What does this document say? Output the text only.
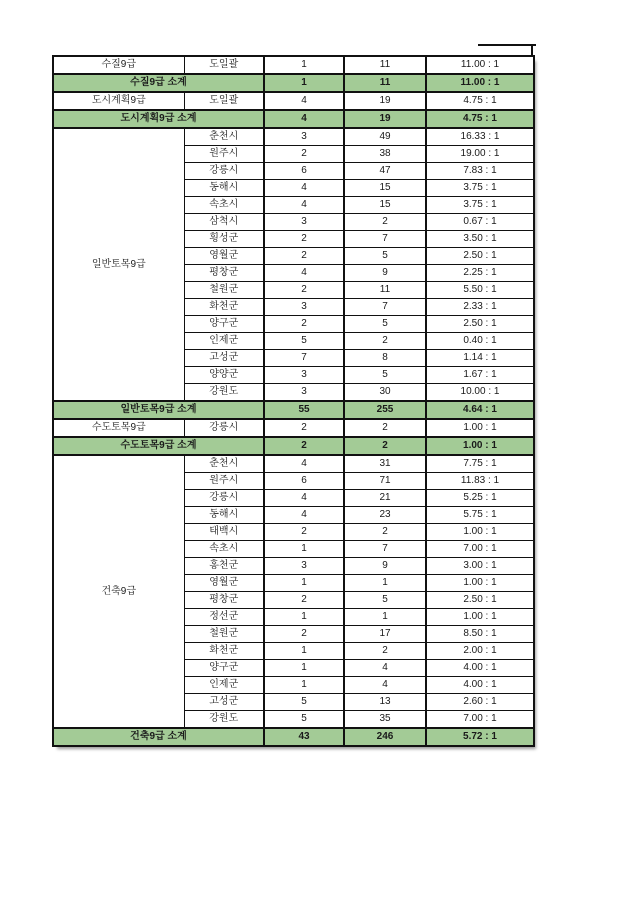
수질9급	도일괄	1	11	11.00 : 1
수질9급 소계		1	11	11.00 : 1
도시계획9급	도일괄	4	19	4.75 : 1
도시계획9급 소계		4	19	4.75 : 1
일반토목9급	춘천시	3	49	16.33 : 1
	원주시	2	38	19.00 : 1
	강릉시	6	47	7.83 : 1
	동해시	4	15	3.75 : 1
	속초시	4	15	3.75 : 1
	삼척시	3	2	0.67 : 1
	횡성군	2	7	3.50 : 1
	영월군	2	5	2.50 : 1
	평창군	4	9	2.25 : 1
	철원군	2	11	5.50 : 1
	화천군	3	7	2.33 : 1
	양구군	2	5	2.50 : 1
	인제군	5	2	0.40 : 1
	고성군	7	8	1.14 : 1
	양양군	3	5	1.67 : 1
	강원도	3	30	10.00 : 1
일반토목9급 소계		55	255	4.64 : 1
수도토목9급	강릉시	2	2	1.00 : 1
수도토목9급 소계		2	2	1.00 : 1
건축9급	춘천시	4	31	7.75 : 1
	원주시	6	71	11.83 : 1
	강릉시	4	21	5.25 : 1
	동해시	4	23	5.75 : 1
	태백시	2	2	1.00 : 1
	속초시	1	7	7.00 : 1
	홍천군	3	9	3.00 : 1
	영월군	1	1	1.00 : 1
	평창군	2	5	2.50 : 1
	정선군	1	1	1.00 : 1
	철원군	2	17	8.50 : 1
	화천군	1	2	2.00 : 1
	양구군	1	4	4.00 : 1
	인제군	1	4	4.00 : 1
	고성군	5	13	2.60 : 1
	강원도	5	35	7.00 : 1
건축9급 소계		43	246	5.72 : 1
